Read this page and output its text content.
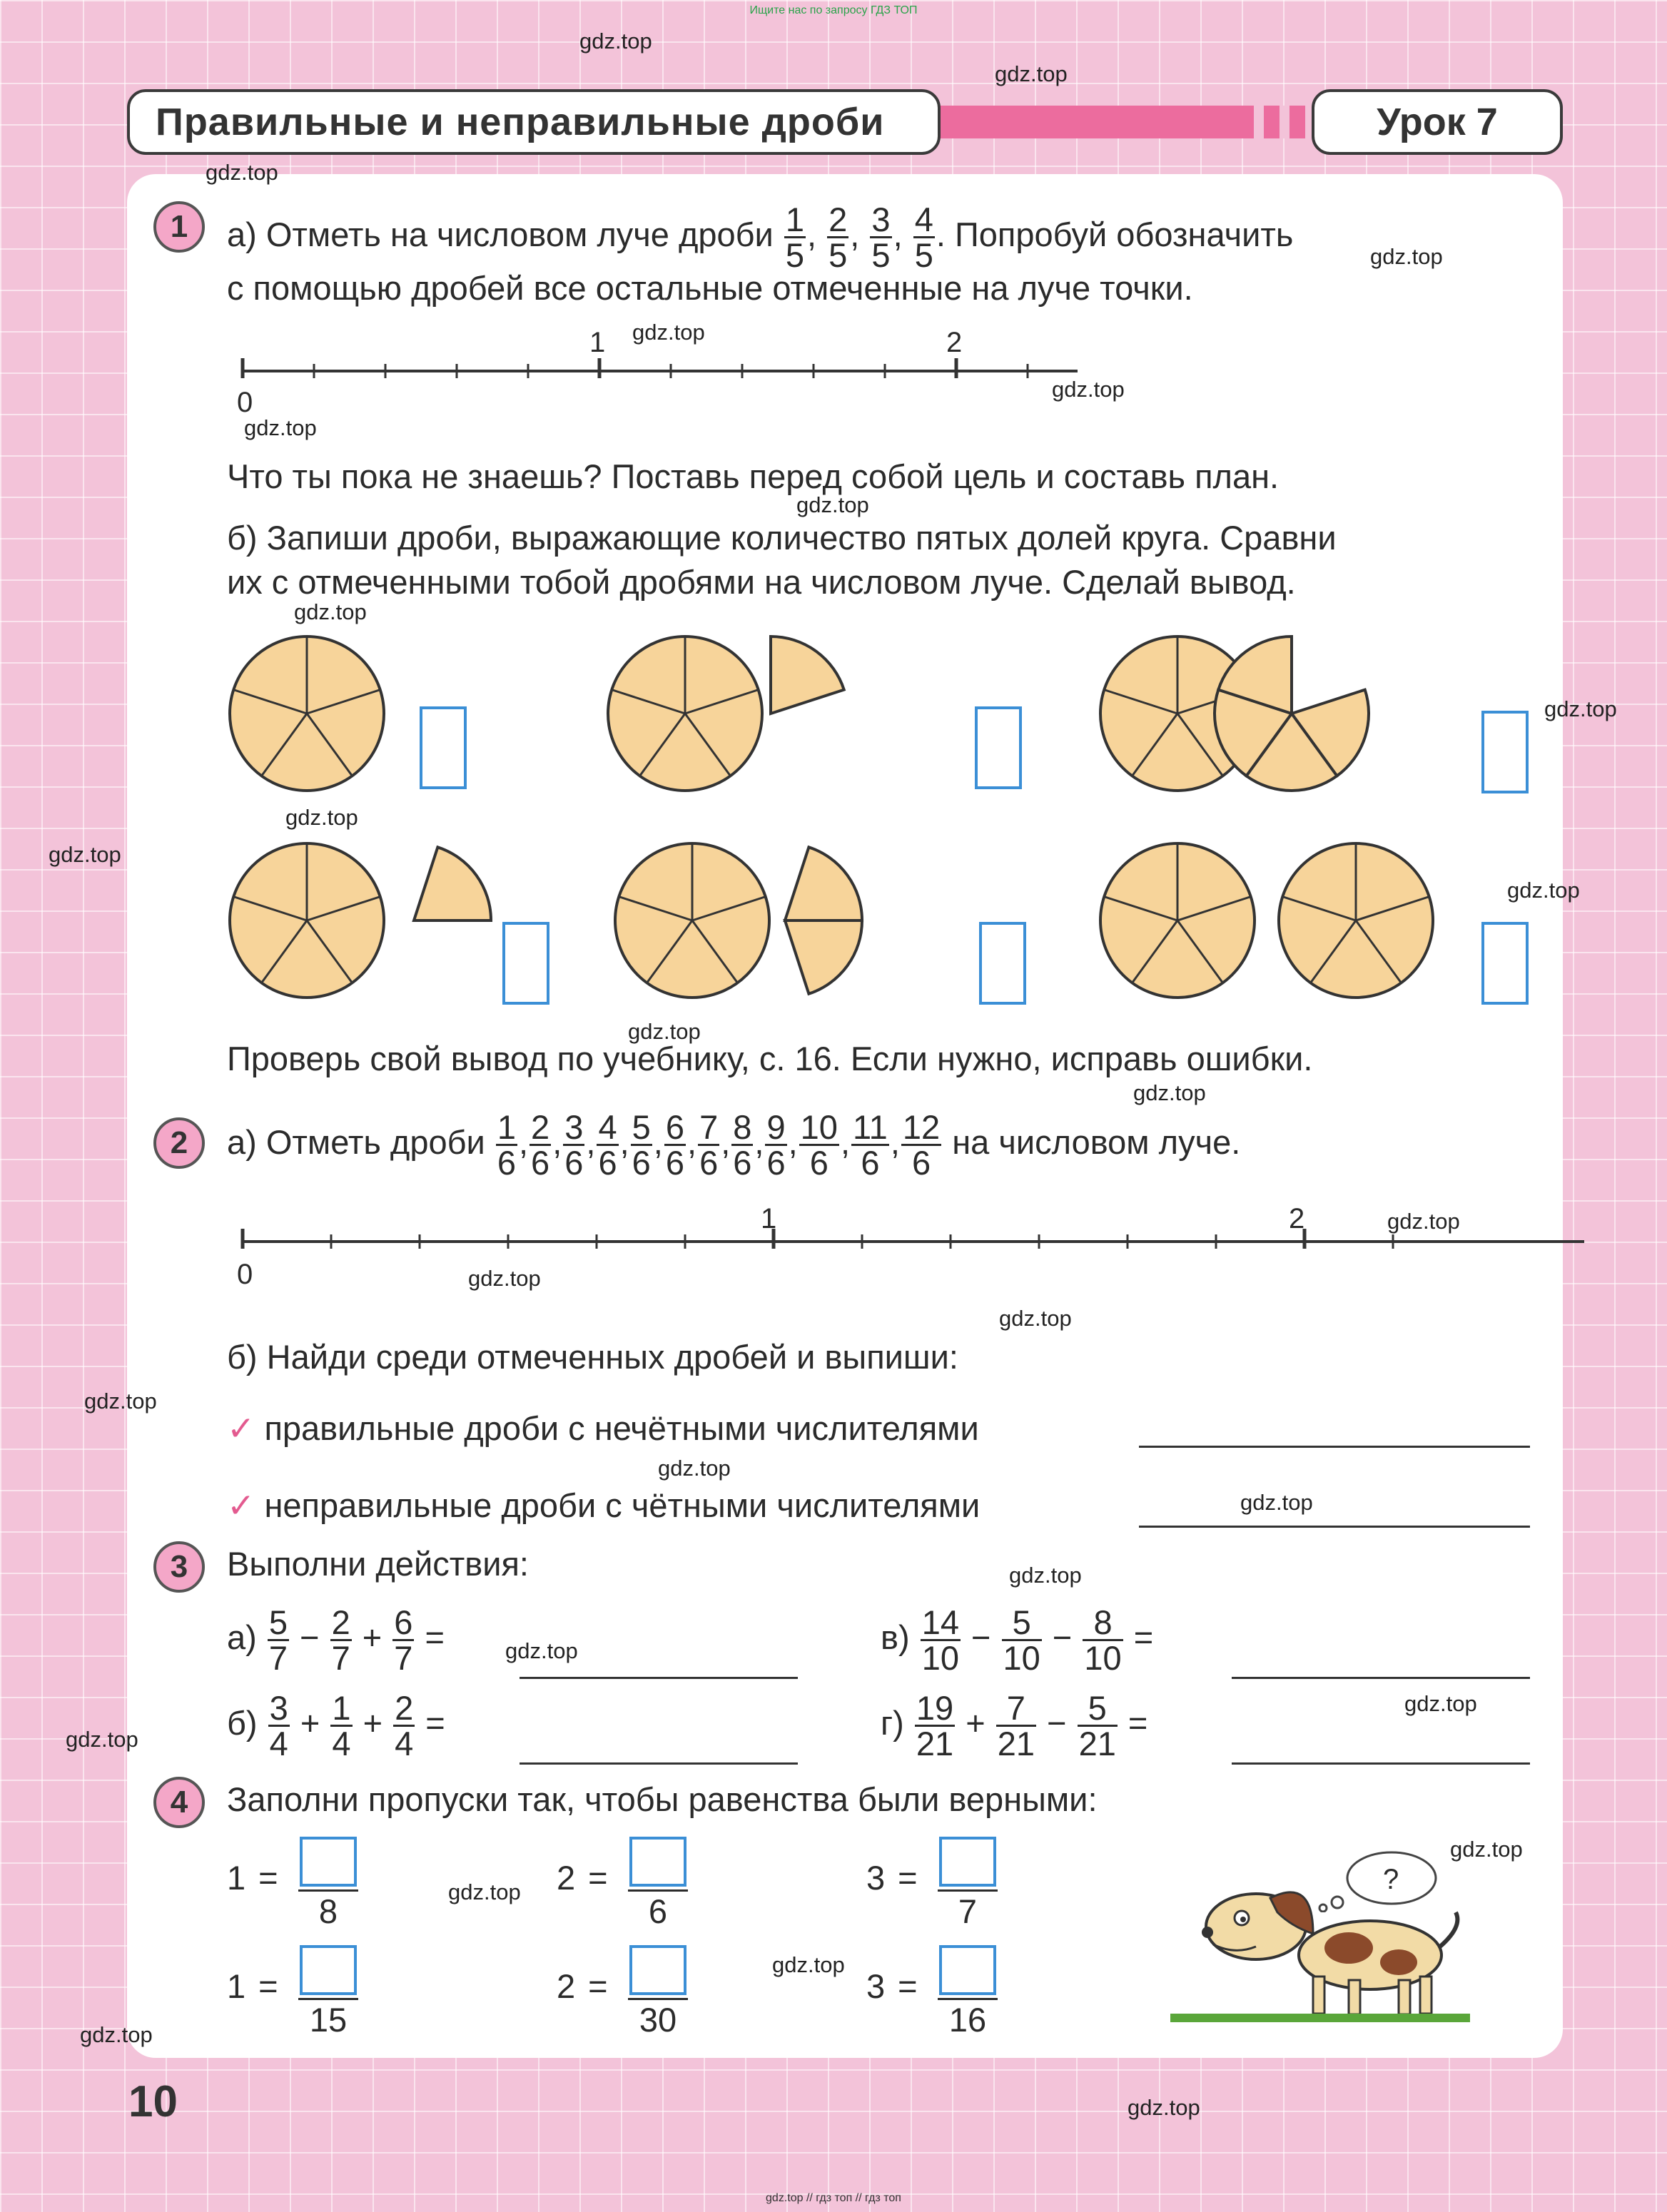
Ищите нас по запросу ГДЗ ТОП
Правильные и неправильные дроби	Урок 7
1	а) Отметь на числовом луче дроби $\frac{1}{5}$ , $\frac{2}{5}$ , $\frac{3}{5}$ , $\frac{4}{5}$ . Попробуй обозначить
с помощью дробей все остальные отмеченные на луче точки.
0
1	2
Что ты пока не знаешь? Поставь перед собой цель и составь план.
б) Запиши дроби, выражающие количество пятых долей круга. Сравни
их с отмеченными тобой дробями на числовом луче. Сделай вывод.
Проверь свой вывод по учебнику, с. 16. Если нужно, исправь ошибки.
2	а) Отметь дроби $\frac{1}{6}$ , $\frac{2}{6}$ , $\frac{3}{6}$ , $\frac{4}{6}$ , $\frac{5}{6}$ , $\frac{6}{6}$ , $\frac{7}{6}$ , $\frac{8}{6}$ , $\frac{9}{6}$ , $\frac{10}{6}$ , $\frac{11}{6}$ , $\frac{12}{6}$ на числовом луче.
0
1	2
б) Найди среди отмеченных дробей и выпиши:
✓ правильные дроби с нечётными числителями
✓ неправильные дроби с чётными числителями
3	Выполни действия:
$а) \frac{5}{7} - \frac{2}{7} + \frac{6}{7}$ =
$б) \frac{3}{4} + \frac{1}{4} + \frac{2}{4}$ =
$в) \frac{14}{10} - \frac{5}{10} - \frac{8}{10}$ =
$г) \frac{19}{21} + \frac{7}{21} - \frac{5}{21}$ =
4	Заполни пропуски так, чтобы равенства были верными:
1 =
8
2 =
6
3 =
7
1 =
15
2 =
30
3 =
16
?
10
gdz.top
gdz.top
gdz.top
gdz.top
gdz.top
gdz.top
gdz.top
gdz.top
gdz.top
gdz.top
gdz.top
gdz.top
gdz.top
gdz.top
gdz.top
gdz.top
gdz.top
gdz.top
gdz.top
gdz.top
gdz.top
gdz.top
gdz.top
gdz.top
gdz.top
gdz.top
gdz.top
gdz.top
gdz.top
gdz.top
gdz.top // гдз топ // гдз топ
